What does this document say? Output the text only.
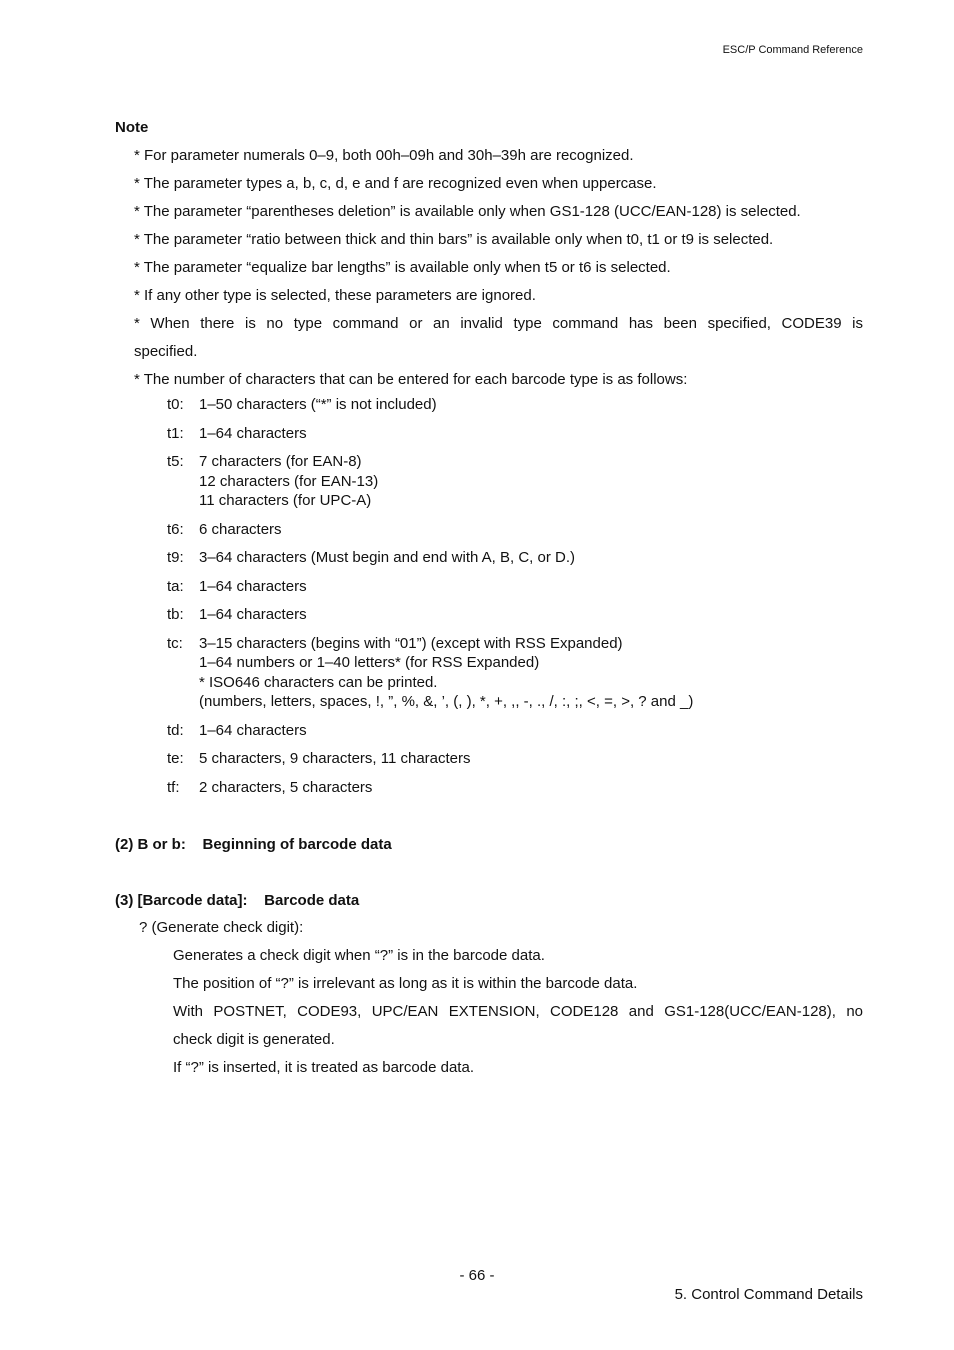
ESC/P Command Reference
Note

* For parameter numerals 0–9, both 00h–09h and 30h–39h are recognized.

* The parameter types a, b, c, d, e and f are recognized even when uppercase.

* The parameter “parentheses deletion” is available only when GS1-128 (UCC/EAN-128) is selected.

* The parameter “ratio between thick and thin bars” is available only when t0, t1 or t9 is selected.

* The parameter “equalize bar lengths” is available only when t5 or t6 is selected.

* If any other type is selected, these parameters are ignored.

* When there is no type command or an invalid type command has been specified, CODE39 is

specified.

* The number of characters that can be entered for each barcode type is as follows:

t0:	1–50 characters (“*” is not included)
t1:	1–64 characters
t5:	7 characters (for EAN-8)
12 characters (for EAN-13)
11 characters (for UPC-A)
t6:	6 characters
t9:	3–64 characters (Must begin and end with A, B, C, or D.)
ta:	1–64 characters
tb:	1–64 characters
tc:	3–15 characters (begins with “01”) (except with RSS Expanded)
1–64 numbers or 1–40 letters* (for RSS Expanded)
* ISO646 characters can be printed.
(numbers, letters, spaces, !, ”, %, &, ’, (, ), *, +, ,, -, ., /, :, ;, <, =, >, ? and _)
td:	1–64 characters
te:	5 characters, 9 characters, 11 characters
tf:	2 characters, 5 characters
(2) B or b:    Beginning of barcode data
(3) [Barcode data]:    Barcode data
? (Generate check digit):

Generates a check digit when “?” is in the barcode data.

The position of “?” is irrelevant as long as it is within the barcode data.

With POSTNET, CODE93, UPC/EAN EXTENSION, CODE128 and GS1-128(UCC/EAN-128), no

check digit is generated.

If “?” is inserted, it is treated as barcode data.

- 66 -
5. Control Command Details
